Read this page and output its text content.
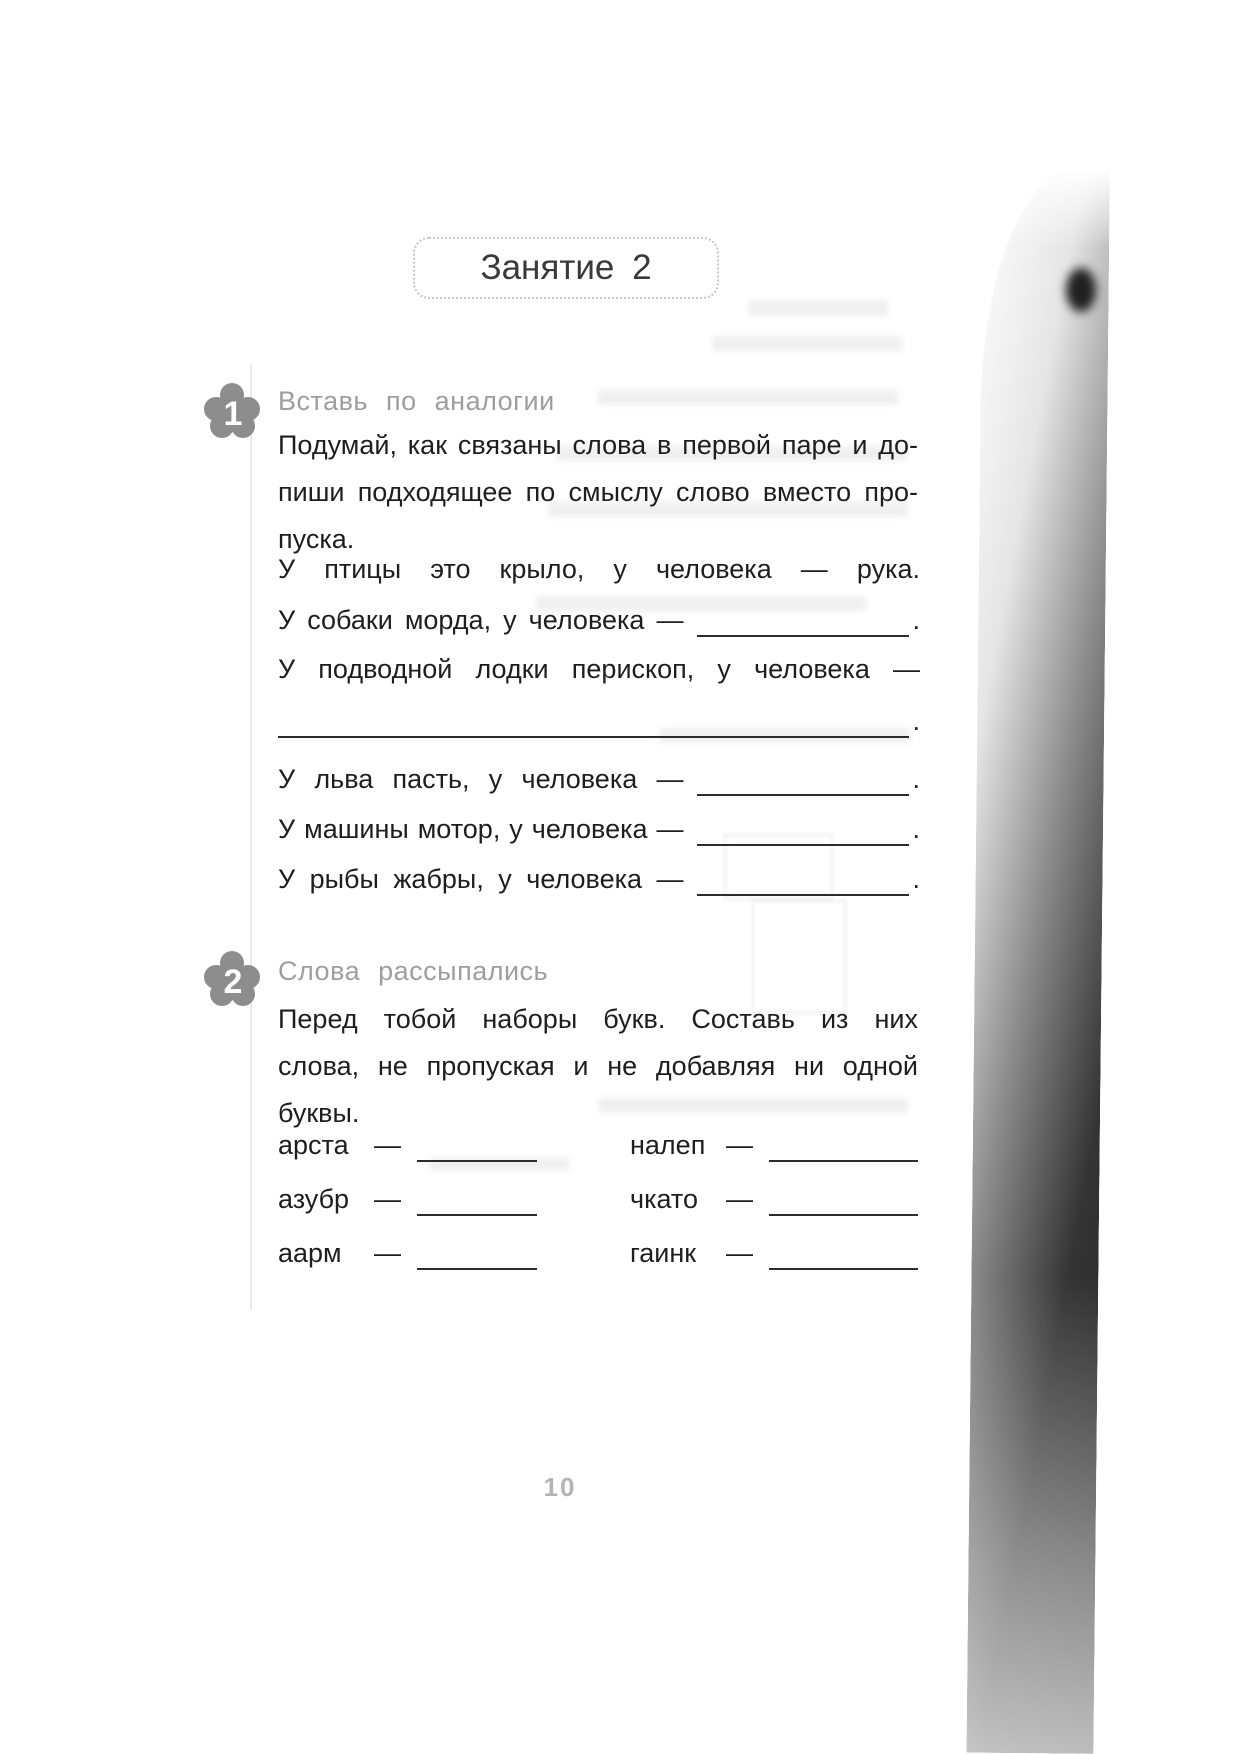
Занятие 2
1 Вставь по аналогии
Подумай, как связаны слова в первой паре и до-
пиши подходящее по смыслу слово вместо про-
пуска.
У птицы это крыло, у человека — рука.
У собаки морда, у человека —	.
У подводной лодки перископ, у человека —
.
У льва пасть, у человека —	.
У машины мотор, у человека —	.
У рыбы жабры, у человека —	.
2 Слова рассыпались
Перед тобой наборы букв. Составь из них
слова, не пропуская и не добавляя ни одной
буквы.
арста —	налеп —
азубр —	чкато	—
аарм	—	гаинк	—
10
